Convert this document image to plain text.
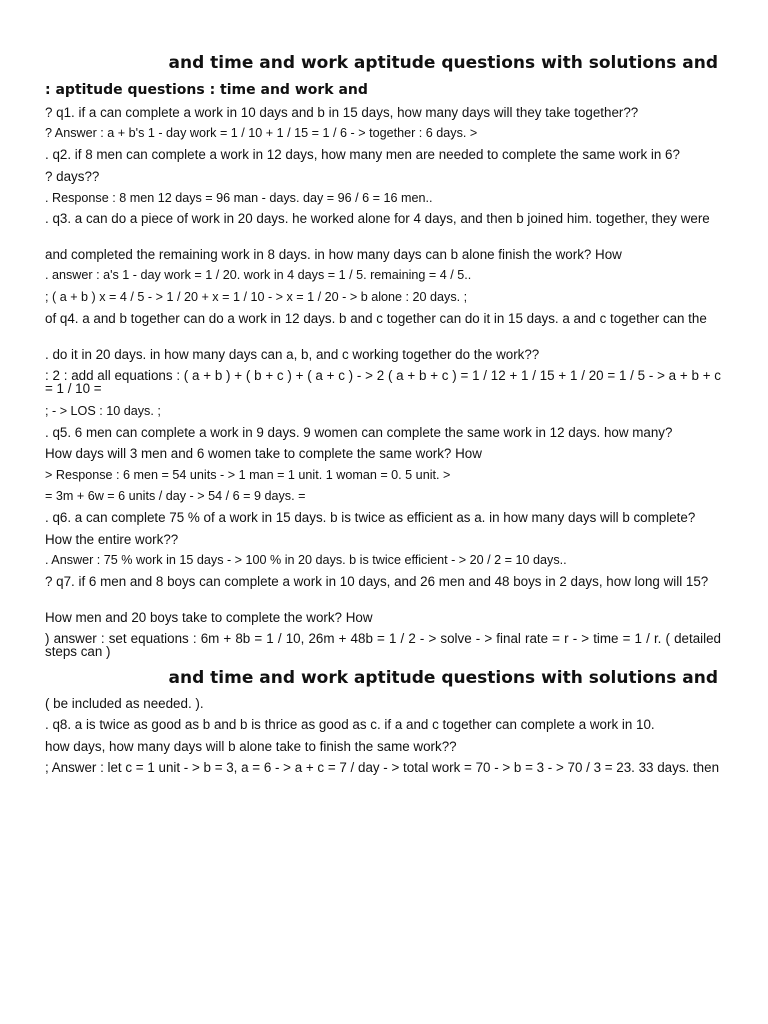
and time and work aptitude questions with solutions and
: aptitude questions : time and work and
? q1. if a can complete a work in 10 days and b in 15 days, how many days will they take together??
? Answer : a + b's 1 - day work = 1 / 10 + 1 / 15 = 1 / 6 - > together : 6 days. >
. q2. if 8 men can complete a work in 12 days, how many men are needed to complete the same work in 6?
? days??
. Response : 8 men 12 days = 96 man - days. day = 96 / 6 = 16 men..
. q3. a can do a piece of work in 20 days. he worked alone for 4 days, and then b joined him. together, they were
and completed the remaining work in 8 days. in how many days can b alone finish the work? How
. answer : a's 1 - day work = 1 / 20. work in 4 days = 1 / 5. remaining = 4 / 5..
; ( a + b ) x = 4 / 5 - > 1 / 20 + x = 1 / 10 - > x = 1 / 20 - > b alone : 20 days. ;
of q4. a and b together can do a work in 12 days. b and c together can do it in 15 days. a and c together can the
. do it in 20 days. in how many days can a, b, and c working together do the work??
: 2 : add all equations : ( a + b ) + ( b + c ) + ( a + c ) - > 2 ( a + b + c ) = 1 / 12 + 1 / 15 + 1 / 20 = 1 / 5 - > a + b + c = 1 / 10 =
; - > LOS : 10 days. ;
. q5. 6 men can complete a work in 9 days. 9 women can complete the same work in 12 days. how many?
How days will 3 men and 6 women take to complete the same work? How
> Response : 6 men = 54 units - > 1 man = 1 unit. 1 woman = 0. 5 unit. >
= 3m + 6w = 6 units / day - > 54 / 6 = 9 days. =
. q6. a can complete 75 % of a work in 15 days. b is twice as efficient as a. in how many days will b complete?
How the entire work??
. Answer : 75 % work in 15 days - > 100 % in 20 days. b is twice efficient - > 20 / 2 = 10 days..
? q7. if 6 men and 8 boys can complete a work in 10 days, and 26 men and 48 boys in 2 days, how long will 15?
How men and 20 boys take to complete the work? How
) answer : set equations : 6m + 8b = 1 / 10, 26m + 48b = 1 / 2 - > solve - > final rate = r - > time = 1 / r. ( detailed steps can )
and time and work aptitude questions with solutions and
( be included as needed. ).
. q8. a is twice as good as b and b is thrice as good as c. if a and c together can complete a work in 10.
how days, how many days will b alone take to finish the same work??
; Answer : let c = 1 unit - > b = 3, a = 6 - > a + c = 7 / day - > total work = 70 - > b = 3 - > 70 / 3 = 23. 33 days. then
